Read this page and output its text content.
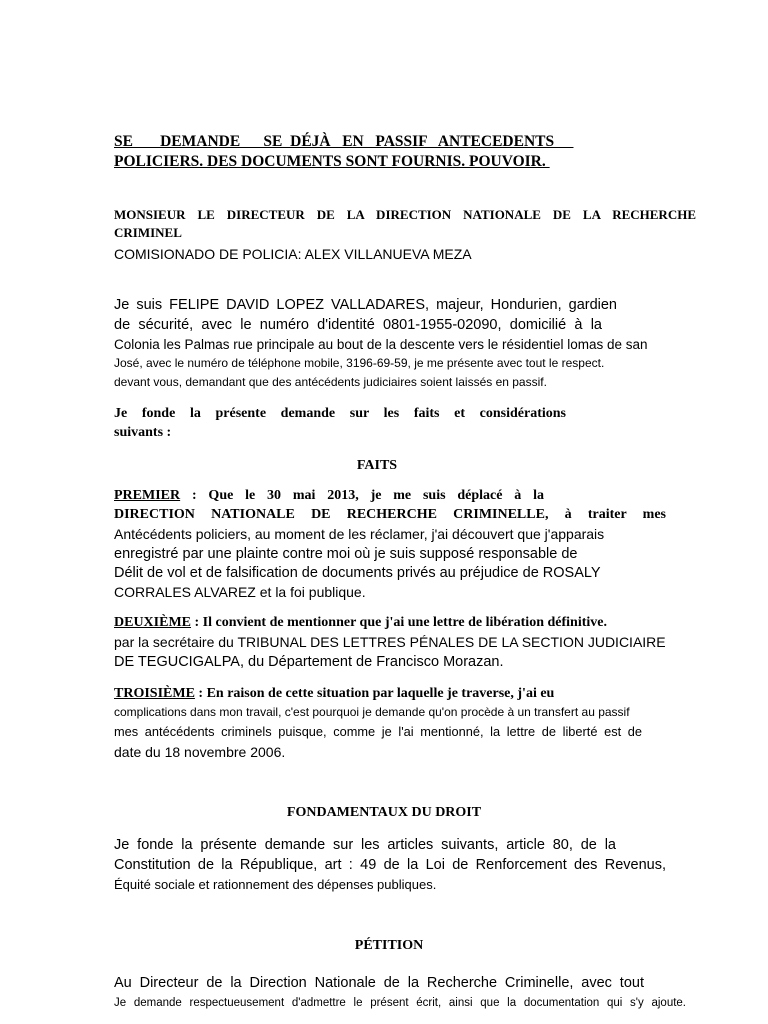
SE       DEMANDE      SE  DÉJÀ   EN   PASSIF   ANTECEDENTS
POLICIERS. DES DOCUMENTS SONT FOURNIS. POUVOIR.
MONSIEUR LE DIRECTEUR DE LA DIRECTION NATIONALE DE LA RECHERCHE
CRIMINEL
COMISIONADO DE POLICIA: ALEX VILLANUEVA MEZA
Je suis FELIPE DAVID LOPEZ VALLADARES, majeur, Hondurien, gardien
de sécurité, avec le numéro d'identité 0801-1955-02090, domicilié à la
Colonia les Palmas rue principale au bout de la descente vers le résidentiel lomas de san
José, avec le numéro de téléphone mobile, 3196-69-59, je me présente avec tout le respect.
devant vous, demandant que des antécédents judiciaires soient laissés en passif.
Je fonde la présente demande sur les faits et considérations
suivants :
FAITS
PREMIER : Que le 30 mai 2013, je me suis déplacé à la
DIRECTION NATIONALE DE RECHERCHE CRIMINELLE, à traiter mes
Antécédents policiers, au moment de les réclamer, j'ai découvert que j'apparais
enregistré par une plainte contre moi où je suis supposé responsable de
Délit de vol et de falsification de documents privés au préjudice de ROSALY
CORRALES ALVAREZ et la foi publique.
DEUXIÈME : Il convient de mentionner que j'ai une lettre de libération définitive.
par la secrétaire du TRIBUNAL DES LETTRES PÉNALES DE LA SECTION JUDICIAIRE
DE TEGUCIGALPA, du Département de Francisco Morazan.
TROISIÈME : En raison de cette situation par laquelle je traverse, j'ai eu
complications dans mon travail, c'est pourquoi je demande qu'on procède à un transfert au passif
mes antécédents criminels puisque, comme je l'ai mentionné, la lettre de liberté est de
date du 18 novembre 2006.
FONDAMENTAUX DU DROIT
Je fonde la présente demande sur les articles suivants, article 80, de la
Constitution de la République, art : 49 de la Loi de Renforcement des Revenus,
Équité sociale et rationnement des dépenses publiques.
PÉTITION
Au Directeur de la Direction Nationale de la Recherche Criminelle, avec tout
Je demande respectueusement d'admettre le présent écrit, ainsi que la documentation qui s'y ajoute.
